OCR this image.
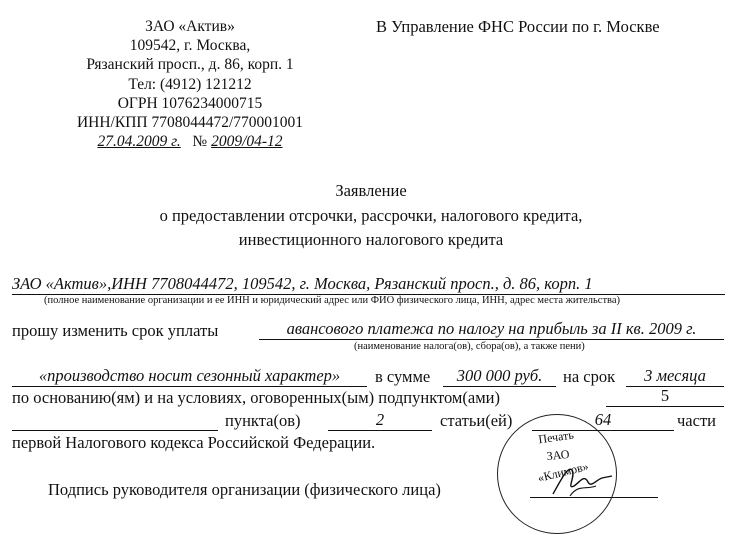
ЗАО «Актив»
109542, г. Москва,
Рязанский просп., д. 86, корп. 1
Тел: (4912) 121212
ОГРН 1076234000715
ИНН/КПП 7708044472/770001001
27.04.2009 г. № 2009/04-12
В Управление ФНС России по г. Москве
Заявление
о предоставлении отсрочки, рассрочки, налогового кредита,
инвестиционного налогового кредита
ЗАО «Актив»,ИНН 7708044472, 109542, г. Москва, Рязанский просп., д. 86, корп. 1
(полное наименование организации и ее ИНН и юридический адрес или ФИО физического лица, ИНН, адрес места жительства)
прошу изменить срок уплаты	авансового платежа по налогу на прибыль за II кв. 2009 г.
(наименование налога(ов), сбора(ов), а также пени)
«производство носит сезонный характер»	в сумме	300 000 руб.	на срок	3 месяца
по основанию(ям) и на условиях, оговоренных(ым) подпунктом(ами)	5
пункта(ов)	2	статьи(ей)	64	части
первой Налогового кодекса Российской Федерации.
Подпись руководителя организации (физического лица)
Печать
ЗАО
«Климов»
